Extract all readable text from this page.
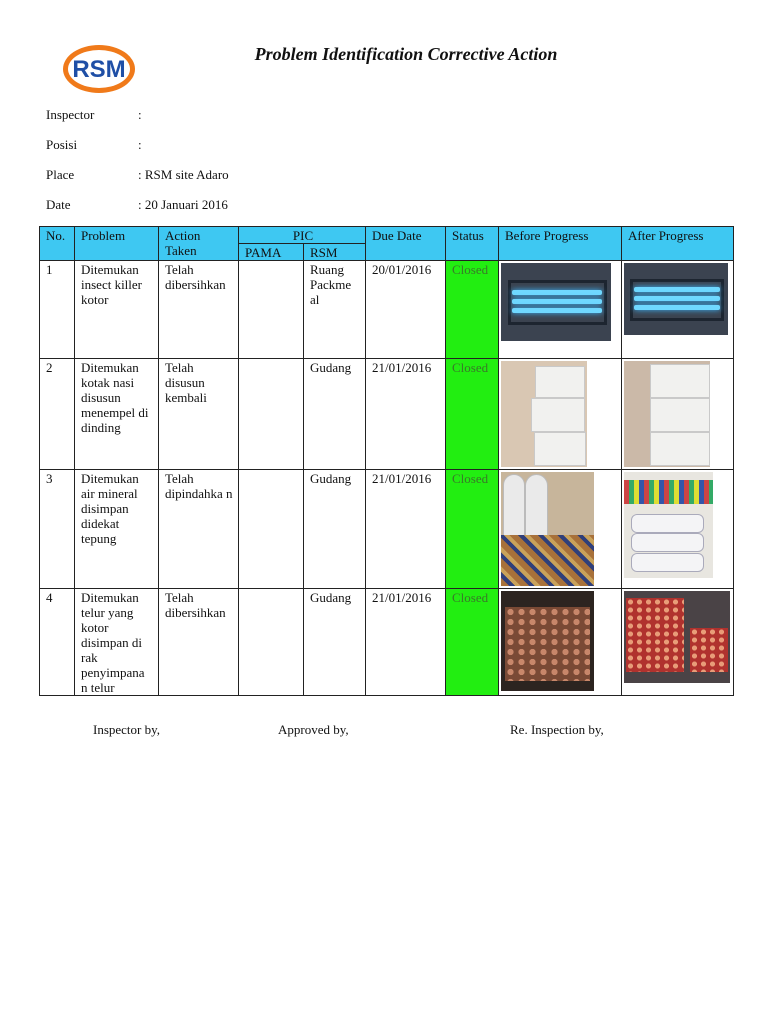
RSM
Problem Identification Corrective Action
Inspector	:
Posisi	:
Place	: RSM site Adaro
Date	: 20 Januari 2016
No.	Problem	Action Taken	PIC		Due Date	Status	Before Progress	After Progress
			PAMA	RSM				
1	Ditemukan insect killer kotor	Telah dibersihkan		Ruang Packme al	20/01/2016	Closed	

2	Ditemukan kotak nasi disusun menempel di dinding	Telah disusun kembali		Gudang	21/01/2016	Closed	

3	Ditemukan air mineral disimpan didekat tepung	Telah dipindahka n		Gudang	21/01/2016	Closed	

4	Ditemukan telur yang kotor disimpan di rak penyimpana n telur	Telah dibersihkan		Gudang	21/01/2016	Closed	

Inspector by,	Approved by,	Re. Inspection by,
